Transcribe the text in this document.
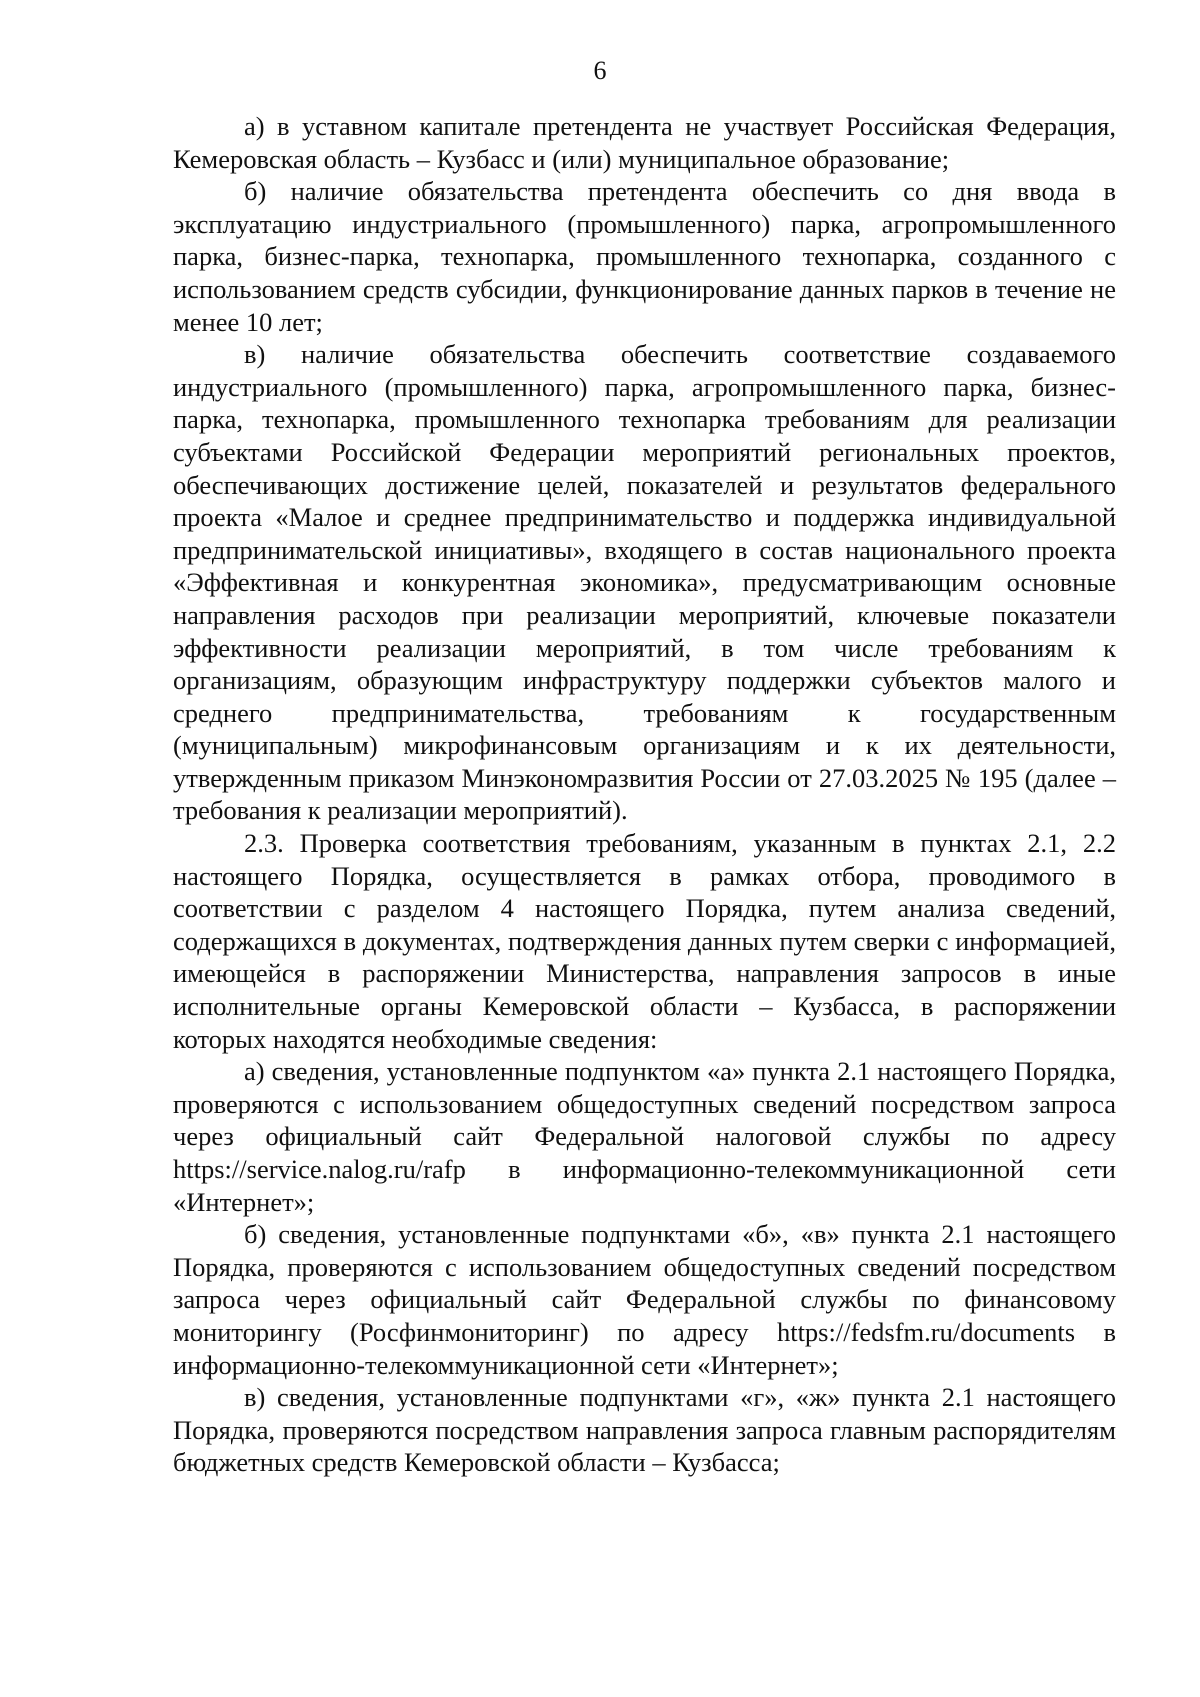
6

а) в уставном капитале претендента не участвует Российская Федерация, Кемеровская область – Кузбасс и (или) муниципальное образование;

б) наличие обязательства претендента обеспечить со дня ввода в эксплуатацию индустриального (промышленного) парка, агропромышленного парка, бизнес-парка, технопарка, промышленного технопарка, созданного с использованием средств субсидии, функционирование данных парков в течение не менее 10 лет;

в) наличие обязательства обеспечить соответствие создаваемого индустриального (промышленного) парка, агропромышленного парка, бизнес-парка, технопарка, промышленного технопарка требованиям для реализации субъектами Российской Федерации мероприятий региональных проектов, обеспечивающих достижение целей, показателей и результатов федерального проекта «Малое и среднее предпринимательство и поддержка индивидуальной предпринимательской инициативы», входящего в состав национального проекта «Эффективная и конкурентная экономика», предусматривающим основные направления расходов при реализации мероприятий, ключевые показатели эффективности реализации мероприятий, в том числе требованиям к организациям, образующим инфраструктуру поддержки субъектов малого и среднего предпринимательства, требованиям к государственным (муниципальным) микрофинансовым организациям и к их деятельности, утвержденным приказом Минэкономразвития России от 27.03.2025 № 195 (далее – требования к реализации мероприятий).

2.3. Проверка соответствия требованиям, указанным в пунктах 2.1, 2.2 настоящего Порядка, осуществляется в рамках отбора, проводимого в соответствии с разделом 4 настоящего Порядка, путем анализа сведений, содержащихся в документах, подтверждения данных путем сверки с информацией, имеющейся в распоряжении Министерства, направления запросов в иные исполнительные органы Кемеровской области – Кузбасса, в распоряжении которых находятся необходимые сведения:

а) сведения, установленные подпунктом «а» пункта 2.1 настоящего Порядка, проверяются с использованием общедоступных сведений посредством запроса через официальный сайт Федеральной налоговой службы по адресу https://service.nalog.ru/rafp в информационно-телекоммуникационной сети «Интернет»;

б) сведения, установленные подпунктами «б», «в» пункта 2.1 настоящего Порядка, проверяются с использованием общедоступных сведений посредством запроса через официальный сайт Федеральной службы по финансовому мониторингу (Росфинмониторинг) по адресу https://fedsfm.ru/documents в информационно-телекоммуникационной сети «Интернет»;

в) сведения, установленные подпунктами «г», «ж» пункта 2.1 настоящего Порядка, проверяются посредством направления запроса главным распорядителям бюджетных средств Кемеровской области – Кузбасса;
